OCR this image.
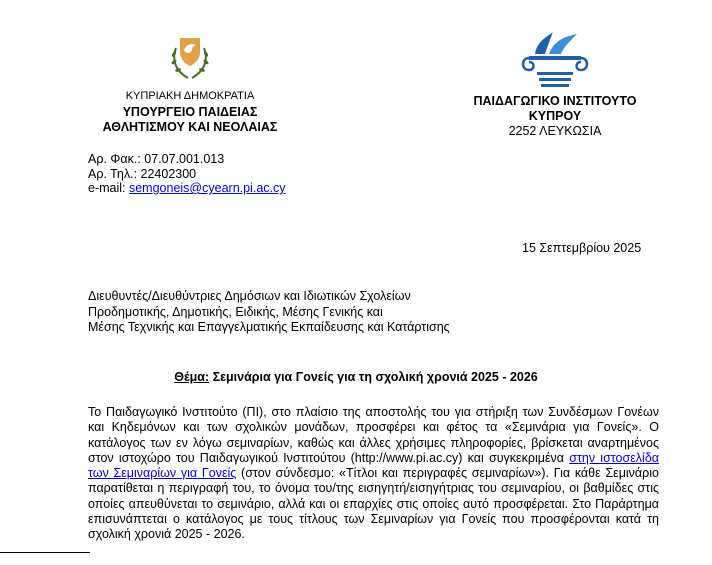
ΚΥΠΡΙΑΚΗ ΔΗΜΟΚΡΑΤΙΑ
ΥΠΟΥΡΓΕΙΟ ΠΑΙΔΕΙΑΣ
ΑΘΛΗΤΙΣΜΟΥ ΚΑΙ ΝΕΟΛΑΙΑΣ
ΠΑΙΔΑΓΩΓΙΚΟ ΙΝΣΤΙΤΟΥΤΟ
ΚΥΠΡΟΥ
2252 ΛΕΥΚΩΣΙΑ
Αρ. Φακ.: 07.07.001.013
Αρ. Τηλ.: 22402300
e-mail: semgoneis@cyearn.pi.ac.cy
15 Σεπτεμβρίου 2025
Διευθυντές/Διευθύντριες Δημόσιων και Ιδιωτικών Σχολείων
Προδημοτικής, Δημοτικής, Ειδικής, Μέσης Γενικής και
Μέσης Τεχνικής και Επαγγελματικής Εκπαίδευσης και Κατάρτισης
Θέμα: Σεμινάρια για Γονείς για τη σχολική χρονιά 2025 - 2026
Το Παιδαγωγικό Ινστιτούτο (ΠΙ), στο πλαίσιο της αποστολής του για στήριξη των Συνδέσμων Γονέων και Κηδεμόνων και των σχολικών μονάδων, προσφέρει και φέτος τα «Σεμινάρια για Γονείς». Ο κατάλογος των εν λόγω σεμιναρίων, καθώς και άλλες χρήσιμες πληροφορίες, βρίσκεται αναρτημένος στον ιστοχώρο του Παιδαγωγικού Ινστιτούτου (http://www.pi.ac.cy) και συγκεκριμένα στην ιστοσελίδα των Σεμιναρίων για Γονείς (στον σύνδεσμο: «Τίτλοι και περιγραφές σεμιναρίων»). Για κάθε Σεμινάριο παρατίθεται η περιγραφή του, το όνομα του/της εισηγητή/εισηγήτριας του σεμιναρίου, οι βαθμίδες στις οποίες απευθύνεται το σεμινάριο, αλλά και οι επαρχίες στις οποίες αυτό προσφέρεται. Στο Παράρτημα επισυνάπτεται ο κατάλογος με τους τίτλους των Σεμιναρίων για Γονείς που προσφέρονται κατά τη σχολική χρονιά 2025 - 2026.
